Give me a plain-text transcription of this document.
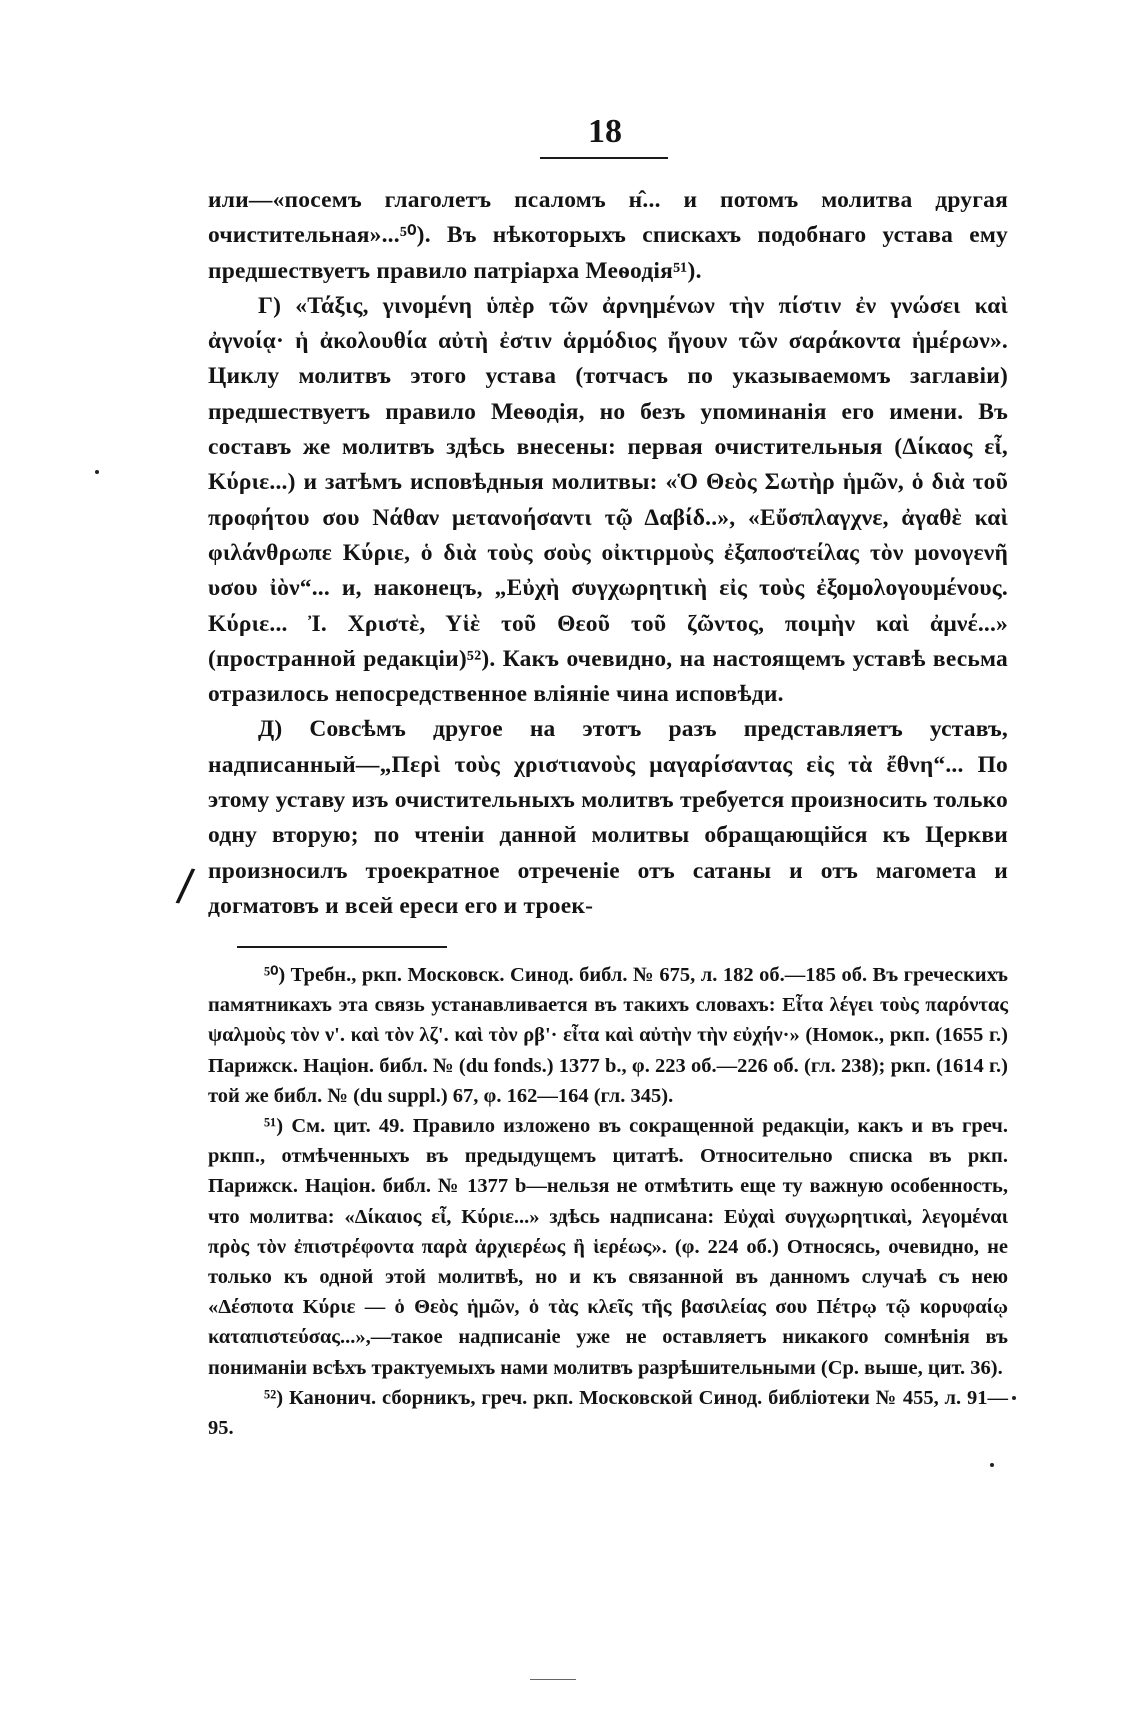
18

или—«посемъ глаголетъ псаломъ н̂... и потомъ молитва другая очистительная»...⁵⁰). Въ нѣкоторыхъ спискахъ подобнаго устава ему предшествуетъ правило патріарха Меѳодія⁵¹).

Г) «Τάξις, γινομένη ὑπὲρ τῶν ἀρνημένων τὴν πίστιν ἐν γνώσει καὶ ἀγνοίᾳ· ἡ ἀκολουθία αὐτὴ ἐστιν ἁρμόδιος ἤγουν τῶν σαράκοντα ἡμέρων». Циклу молитвъ этого устава (тотчасъ по указываемомъ заглавіи) предшествуетъ правило Меѳодія, но безъ упоминанія его имени. Въ составъ же молитвъ здѣсь внесены: первая очистительныя (Δίκαος εἶ, Κύριε...) и затѣмъ исповѣдныя молитвы: «Ὁ Θεὸς Σωτὴρ ἡμῶν, ὁ διὰ τοῦ προφήτου σου Νάθαν μετανοήσαντι τῷ Δαβίδ..», «Εὔσπλαγχνε, ἀγαθὲ καὶ φιλάνθρωπε Κύριε, ὁ διὰ τοὺς σοὺς οἰκτιρμοὺς ἐξαποστείλας τὸν μονογενῆ υσου ἰὸν“... и, наконецъ, „Εὐχὴ συγχωρητικὴ εἰς τοὺς ἐξομολογουμένους. Κύριε... Ἰ. Χριστὲ, Υἱὲ τοῦ Θεοῦ τοῦ ζῶντος, ποιμὴν καὶ ἀμνέ...» (пространной редакціи)⁵²). Какъ очевидно, на настоящемъ уставѣ весьма отразилось непосредственное вліяніе чина исповѣди.

Д) Совсѣмъ другое на этотъ разъ представляетъ уставъ, надписанный—„Περὶ τοὺς χριστιανοὺς μαγαρίσαντας εἰς τὰ ἔθνη“... По этому уставу изъ очистительныхъ молитвъ требуется произносить только одну вторую; по чтеніи данной молитвы обращающійся къ Церкви произносилъ троекратное отреченіе отъ сатаны и отъ магомета и догматовъ и всей ереси его и троек-

/

⁵⁰) Требн., ркп. Московск. Синод. библ. № 675, л. 182 об.—185 об. Въ греческихъ памятникахъ эта связь устанавливается въ такихъ словахъ: Εἶτα λέγει τοὺς παρόντας ψαλμοὺς τὸν ν'. καὶ τὸν λζ'. καὶ τὸν ρβ'· εἶτα καὶ αὐτὴν τὴν εὐχήν·» (Номок., ркп. (1655 г.) Парижск. Націон. библ. № (du fonds.) 1377 b., φ. 223 об.—226 об. (гл. 238); ркп. (1614 г.) той же библ. № (du suppl.) 67, φ. 162—164 (гл. 345).

⁵¹) См. цит. 49. Правило изложено въ сокращенной редакціи, какъ и въ греч. ркпп., отмѣченныхъ въ предыдущемъ цитатѣ. Относительно списка въ ркп. Парижск. Націон. библ. № 1377 b—нельзя не отмѣтить еще ту важную особенность, что молитва: «Δίκαιος εἶ, Κύριε...» здѣсь надписана: Εὐχαὶ συγχωρητικαὶ, λεγομέναι πρὸς τὸν ἐπιστρέφοντα παρὰ ἀρχιερέως ἢ ἱερέως». (φ. 224 об.) Относясь, очевидно, не только къ одной этой молитвѣ, но и къ связанной въ данномъ случаѣ съ нею «Δέσποτα Κύριε — ὁ Θεὸς ἡμῶν, ὁ τὰς κλεῖς τῆς βασιλείας σου Πέτρῳ τῷ κορυφαίῳ καταπιστεύσας...»,—такое надписаніе уже не оставляетъ никакого сомнѣнія въ пониманіи всѣхъ трактуемыхъ нами молитвъ разрѣшительными (Ср. выше, цит. 36).

⁵²) Канонич. сборникъ, греч. ркп. Московской Синод. библіотеки № 455, л. 91—95.
